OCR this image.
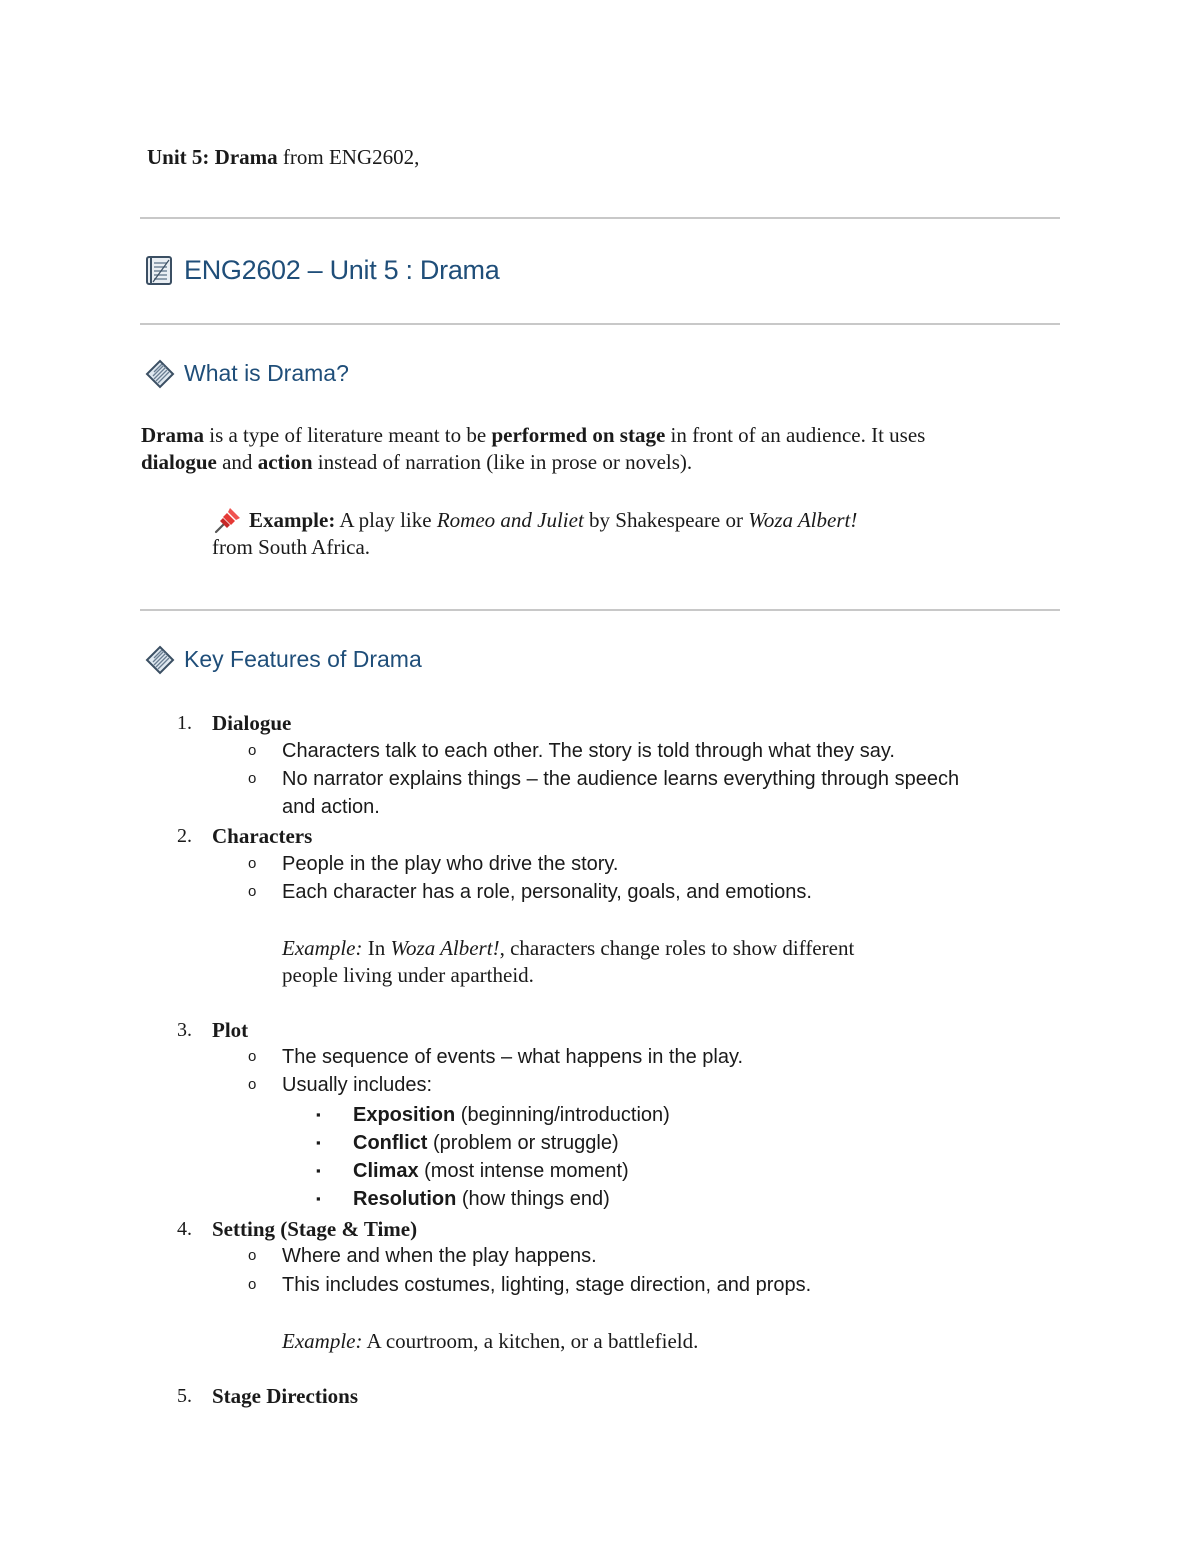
Unit 5: Drama from ENG2602,
ENG2602 – Unit 5 : Drama
What is Drama?
Drama is a type of literature meant to be performed on stage in front of an audience. It uses
dialogue and action instead of narration (like in prose or novels).
Example: A play like Romeo and Juliet by Shakespeare or Woza Albert!
from South Africa.
Key Features of Drama
1. Dialogue
o Characters talk to each other. The story is told through what they say.
o No narrator explains things – the audience learns everything through speech
and action.
2. Characters
o People in the play who drive the story.
o Each character has a role, personality, goals, and emotions.
Example: In Woza Albert!, characters change roles to show different
people living under apartheid.
3. Plot
o The sequence of events – what happens in the play.
o Usually includes:
▪ Exposition (beginning/introduction)
▪ Conflict (problem or struggle)
▪ Climax (most intense moment)
▪ Resolution (how things end)
4. Setting (Stage & Time)
o Where and when the play happens.
o This includes costumes, lighting, stage direction, and props.
Example: A courtroom, a kitchen, or a battlefield.
5. Stage Directions
